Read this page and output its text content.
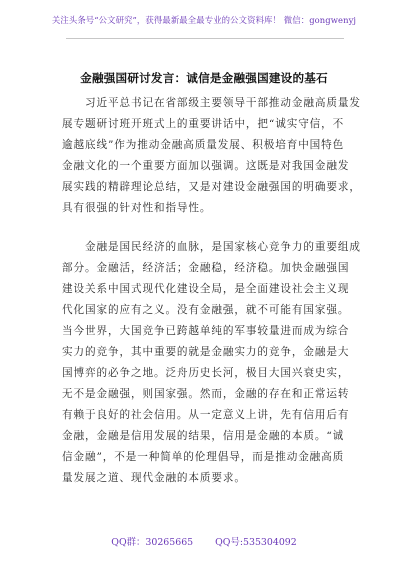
关注头条号“公文研究”，获得最新最全最专业的公文资料库！ 微信：gongwenyj
金融强国研讨发言：诚信是金融强国建设的基石
　　习近平总书记在省部级主要领导干部推动金融高质量发
展专题研讨班开班式上的重要讲话中，把“诚实守信，不
逾越底线”作为推动金融高质量发展、积极培育中国特色
金融文化的一个重要方面加以强调。这既是对我国金融发
展实践的精辟理论总结，又是对建设金融强国的明确要求，
具有很强的针对性和指导性。
　　金融是国民经济的血脉，是国家核心竞争力的重要组成
部分。金融活，经济活；金融稳，经济稳。加快金融强国
建设关系中国式现代化建设全局，是全面建设社会主义现
代化国家的应有之义。没有金融强，就不可能有国家强。
当今世界，大国竞争已跨越单纯的军事较量进而成为综合
实力的竞争，其中重要的就是金融实力的竞争，金融是大
国博弈的必争之地。泛舟历史长河，极目大国兴衰史实，
无不是金融强，则国家强。然而，金融的存在和正常运转
有赖于良好的社会信用。从一定意义上讲，先有信用后有
金融，金融是信用发展的结果，信用是金融的本质。“诚
信金融”，不是一种简单的伦理倡导，而是推动金融高质
量发展之道、现代金融的本质要求。
QQ群：30265665 QQ号:535304092
